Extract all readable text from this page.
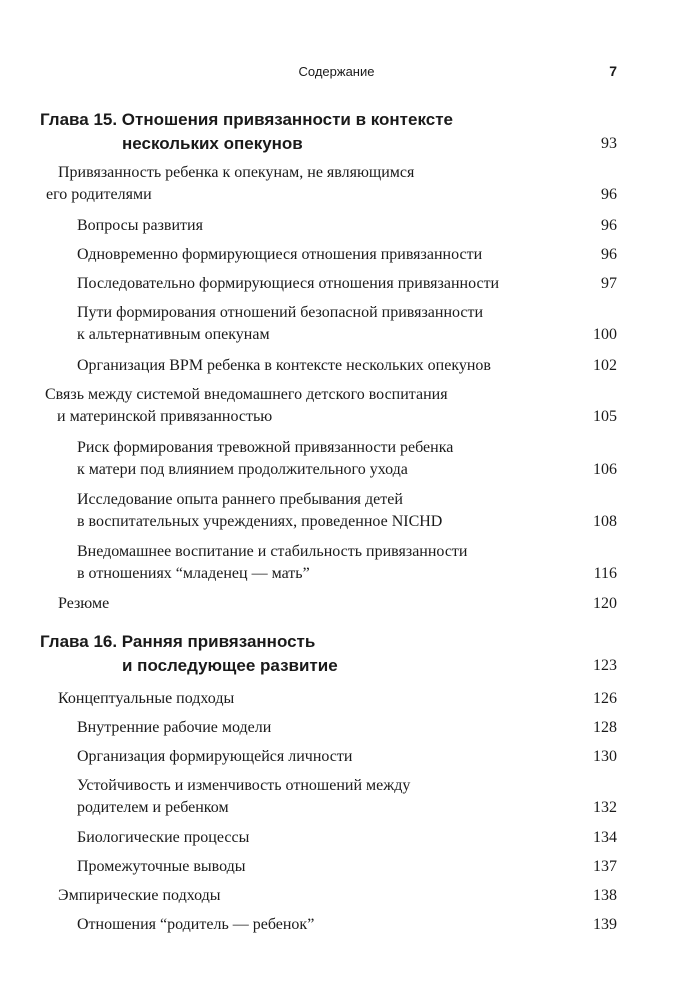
Содержание	7
Глава 15. Отношения привязанности в контексте
нескольких опекунов	93
Привязанность ребенка к опекунам, не являющимся
его родителями	96
Вопросы развития	96
Одновременно формирующиеся отношения привязанности	96
Последовательно формирующиеся отношения привязанности	97
Пути формирования отношений безопасной привязанности
к альтернативным опекунам	100
Организация ВРМ ребенка в контексте нескольких опекунов	102
Связь между системой внедомашнего детского воспитания
и материнской привязанностью	105
Риск формирования тревожной привязанности ребенка
к матери под влиянием продолжительного ухода	106
Исследование опыта раннего пребывания детей
в воспитательных учреждениях, проведенное NICHD	108
Внедомашнее воспитание и стабильность привязанности
в отношениях “младенец — мать”	116
Резюме	120
Глава 16. Ранняя привязанность
и последующее развитие	123
Концептуальные подходы	126
Внутренние рабочие модели	128
Организация формирующейся личности	130
Устойчивость и изменчивость отношений между
родителем и ребенком	132
Биологические процессы	134
Промежуточные выводы	137
Эмпирические подходы	138
Отношения “родитель — ребенок”	139
